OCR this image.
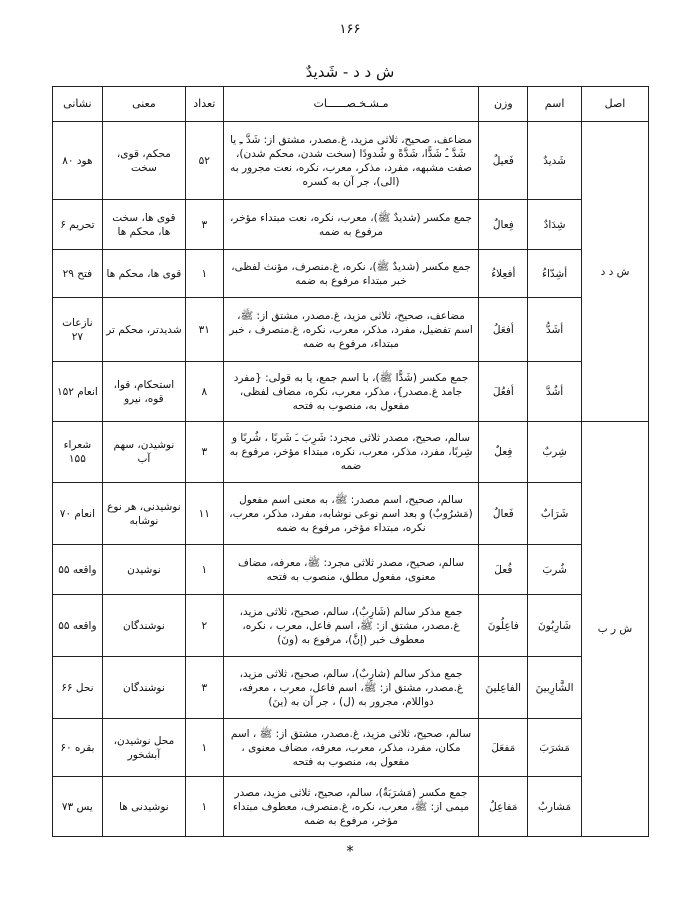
۱۶۶
ش د د - شَدیدٌ
اصل	اسم	وزن	مـشـخـصــــــات	تعداد	معنی	نشانی
ش د د	شَدیدٌ	فَعیلٌ	مضاعف، صحیح، ثلاثی مزید، غ.مصدر، مشتق از: شَدَّ ـِ یا شَدَّ ـُ شَدًّا، شَدَّةً و شُدودًا (سخت شدن، محکم شدن)، صفت مشبهه، مفرد، مذکر، معرب، نکره، نعت مجرور به (الی)، جر آن به کسره	۵۲	محکم، قوی، سخت	هود ۸۰
	شِدَادٌ	فِعالٌ	جمع مکسر (شدیدٌ ﷺ)، معرب، نکره، نعت مبتداء مؤخر، مرفوع به ضمه	۳	قوی ها، سخت ها، محکم ها	تحریم ۶
	أشِدّاءُ	أفعِلاءُ	جمع مکسر (شدیدٌ ﷺ)، نکره، غ.منصرف، مؤنث لفظی، خبر مبتداء مرفوع به ضمه	۱	قوی ها، محکم ها	فتح ۲۹
	أشَدُّ	أفعَلُ	مضاعف، صحیح، ثلاثی مزید، غ.مصدر، مشتق از: ﷺ، اسم تفضیل، مفرد، مذکر، معرب، نکره، غ.منصرف ، خبر مبتداء، مرفوع به ضمه	۳۱	شدیدتر، محکم تر	نازعات ۲۷
	أشُدَّ	أفعُلَ	جمع مکسر (شَدًّا ﷺ)، با اسم جمع، یا به قولی: {مفرد جامد غ.مصدر}، مذکر، معرب، نکره، مضاف لفظی، مفعول به، منصوب به فتحه	۸	استحکام، قوا، قوه، نیرو	انعام ۱۵۲
ش ر ب	شِربٌ	فِعلٌ	سالم، صحیح، مصدر ثلاثی مجرد: شَرِبَ ـَ شَربًا ، شُربًا و شِربًا، مفرد، مذکر، معرب، نکره، مبتداء مؤخر، مرفوع به ضمه	۳	نوشیدن، سهم آب	شعراء ۱۵۵
	شَرَابٌ	فَعالٌ	سالم، صحیح، اسم مصدر: ﷺ، به معنی اسم مفعول (مَشرُوبٌ) و بعد اسم نوعی نوشابه، مفرد، مذکر، معرب، نکره، مبتداء مؤخر، مرفوع به ضمه	۱۱	نوشیدنی، هر نوع نوشابه	انعام ۷۰
	شُربَ	فُعلَ	سالم، صحیح، مصدر ثلاثی مجرد: ﷺ، معرفه، مضاف معنوی، مفعول مطلق، منصوب به فتحه	۱	نوشیدن	واقعه ۵۵
	شَارِبُونَ	فاعِلُونَ	جمع مذکر سالم (شَارِبٌ)، سالم، صحیح، ثلاثی مزید، غ.مصدر، مشتق از: ﷺ، اسم فاعل، معرب ، نکره، معطوف خبر (إنَّ)، مرفوع به (ونَ)	۲	نوشندگان	واقعه ۵۵
	الشَّارِبینَ	الفاعِلینَ	جمع مذکر سالم (شارِبٌ)، سالم، صحیح، ثلاثی مزید، غ.مصدر، مشتق از: ﷺ، اسم فاعل، معرب ، معرفه، دواللام، مجرور به (ل) ، جر آن به (ینَ)	۳	نوشندگان	نحل ۶۶
	مَشرَبَ	مَفعَلَ	سالم، صحیح، ثلاثی مزید، غ.مصدر، مشتق از: ﷺ ، اسم مکان، مفرد، مذکر، معرب، معرفه، مضاف معنوی ، مفعول به، منصوب به فتحه	۱	محل نوشیدن، آبشخور	بقره ۶۰
	مَشاربُ	مَفاعِلُ	جمع مکسر (مَشرَبَةٌ)، سالم، صحیح، ثلاثی مزید، مصدر میمی از: ﷺ، معرب، نکره، غ.منصرف، معطوف مبتداء مؤخر، مرفوع به ضمه	۱	نوشیدنی ها	یس ۷۳
*
